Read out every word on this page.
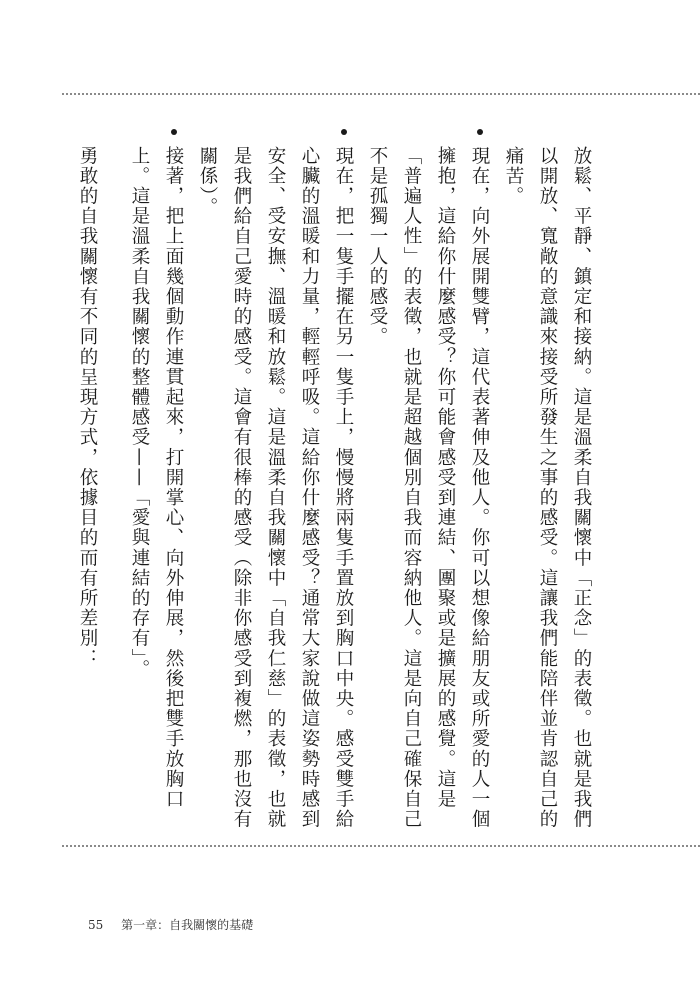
放鬆、平靜、鎮定和接納。這是溫柔自我關懷中「正念」的表徵。也就是我們以開放、寬敞的意識來接受所發生之事的感受。這讓我們能陪伴並肯認自己的痛苦。

現在，向外展開雙臂，這代表著伸及他人。你可以想像給朋友或所愛的人一個擁抱，這給你什麼感受？你可能會感受到連結、團聚或是擴展的感覺。這是「普遍人性」的表徵，也就是超越個別自我而容納他人。這是向自己確保自己不是孤獨一人的感受。

現在，把一隻手擺在另一隻手上，慢慢將兩隻手置放到胸口中央。感受雙手給心臟的溫暖和力量，輕輕呼吸。這給你什麼感受？通常大家說做這姿勢時感到安全、受安撫、溫暖和放鬆。這是溫柔自我關懷中「自我仁慈」的表徵，也就是我們給自己愛時的感受。這會有很棒的感受（除非你感受到複燃，那也沒有關係）。

接著，把上面幾個動作連貫起來，打開掌心、向外伸展，然後把雙手放胸口上。這是溫柔自我關懷的整體感受——「愛與連結的存有」。

勇敢的自我關懷有不同的呈現方式，依據目的而有所差別：

55 第一章：自我關懷的基礎
